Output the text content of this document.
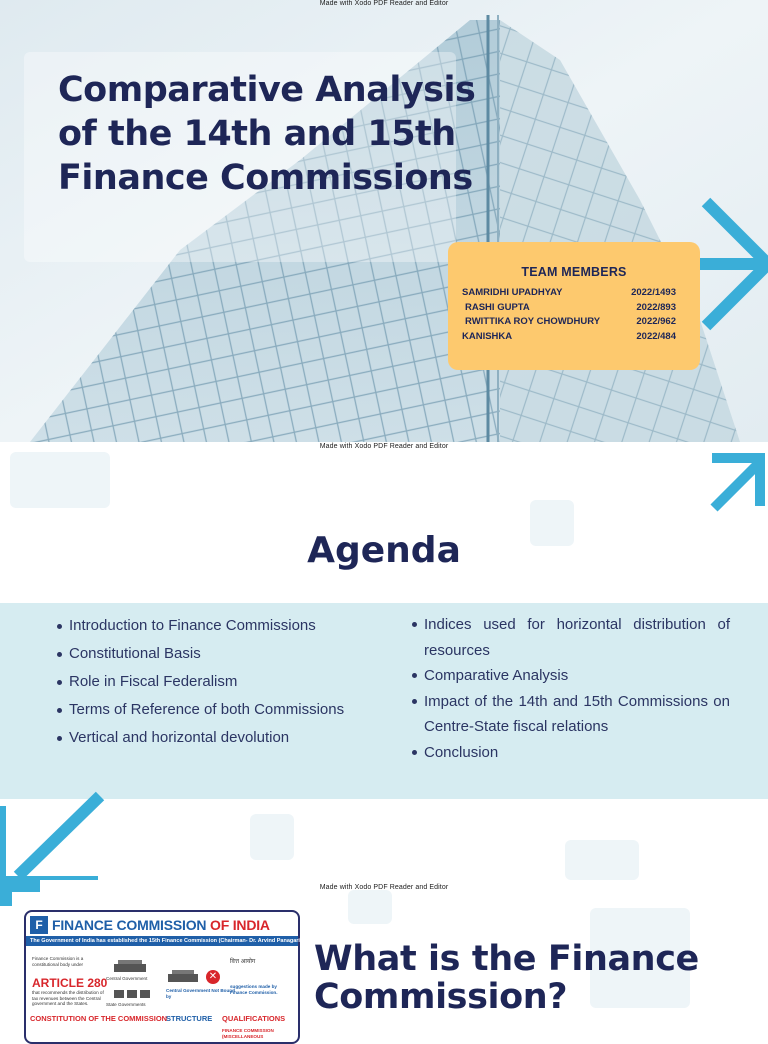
Comparative Analysis of the 14th and 15th Finance Commissions
TEAM MEMBERS
SAMRIDHI UPADHYAY	2022/1493
RASHI GUPTA	2022/893
RWITTIKA ROY CHOWDHURY	2022/962
KANISHKA	2022/484
Made with Xodo PDF Reader and Editor
Made with Xodo PDF Reader and Editor
Agenda
Introduction to Finance Commissions
Constitutional Basis
Role in Fiscal Federalism
Terms of Reference of both Commissions
Vertical and horizontal devolution
Indices used for horizontal distribution of resources
Comparative Analysis
Impact of the 14th and 15th Commissions on Centre-State fiscal relations
Conclusion
Made with Xodo PDF Reader and Editor
F FINANCE COMMISSION OF INDIA
The Government of India has established the 15th Finance Commission (Chairman- Dr. Arvind Panagariya)
Finance Commission is a constitutional body under
ARTICLE 280
that recommends the distribution of tax revenues between the Central government and the States.
Central Government
State Governments
✕
Central Government Not Bound by
वित्त आयोग
suggestions made by Finance Commission.
CONSTITUTION OF THE COMMISSION
STRUCTURE QUALIFICATIONS
FINANCE COMMISSION (MISCELLANEOUS
What is the Finance Commission?
